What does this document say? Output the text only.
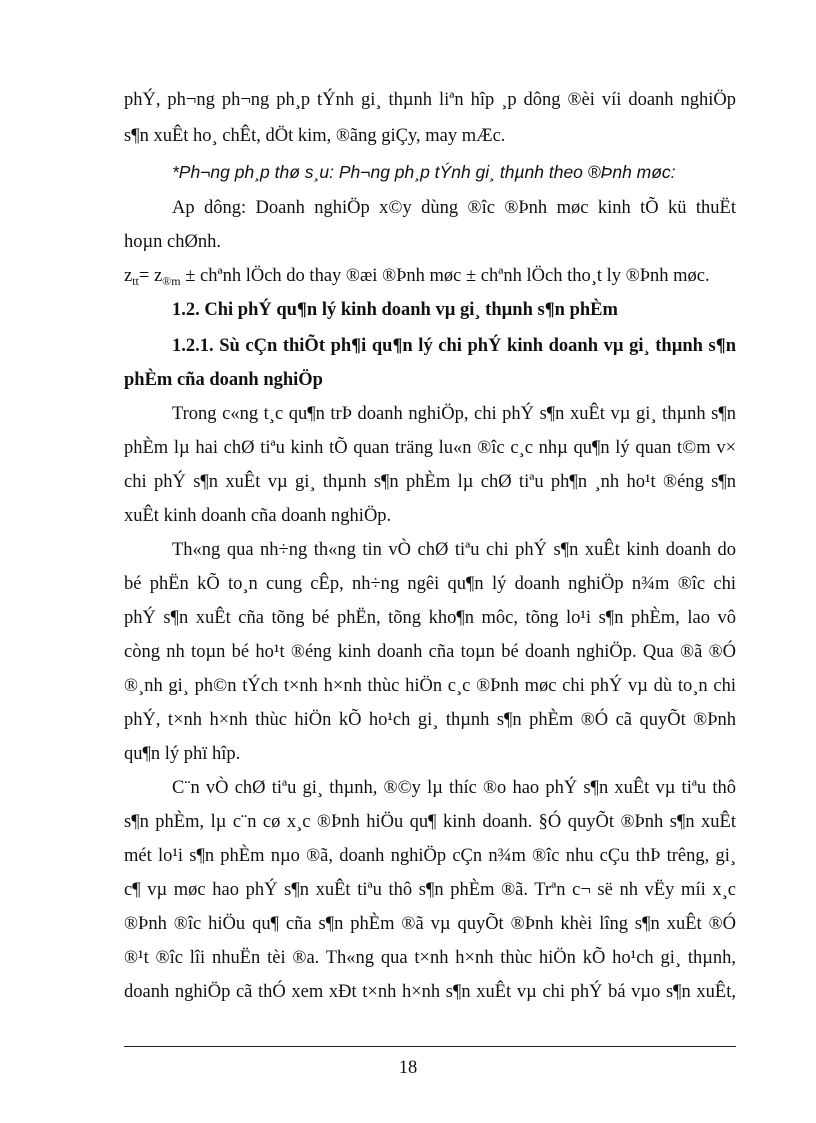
phÝ, ph¬ng ph¬ng ph¸p tÝnh gi¸ thµnh liªn hîp ¸p dông ®èi víi doanh nghiÖp
s¶n xuÊt ho¸ chÊt, dÖt kim, ®ãng giÇy, may mÆc.
*Ph¬ng ph¸p thø s¸u: Ph¬ng ph¸p tÝnh gi¸ thµnh theo ®Þnh møc:
Ap dông: Doanh nghiÖp x©y dùng ®îc ®Þnh møc kinh tÕ kü thuËt
hoµn chØnh.
$z_{tt}= z_{®m}$ ± chªnh lÖch do thay ®æi ®Þnh møc ± chªnh lÖch tho¸t ly ®Þnh møc.
1.2. Chi phÝ qu¶n lý kinh doanh vµ gi¸ thµnh s¶n phÈm
1.2.1. Sù cÇn thiÕt ph¶i qu¶n lý chi phÝ kinh doanh vµ gi¸ thµnh s¶n
phÈm cña doanh nghiÖp
Trong c«ng t¸c qu¶n trÞ doanh nghiÖp, chi phÝ s¶n xuÊt vµ gi¸ thµnh s¶n
phÈm lµ hai chØ tiªu kinh tÕ quan träng lu«n ®îc c¸c nhµ qu¶n lý quan t©m v×
chi phÝ s¶n xuÊt vµ gi¸ thµnh s¶n phÈm lµ chØ tiªu ph¶n ¸nh ho¹t ®éng s¶n
xuÊt kinh doanh cña doanh nghiÖp.
Th«ng qua nh÷ng th«ng tin vÒ chØ tiªu chi phÝ s¶n xuÊt kinh doanh do
bé phËn kÕ to¸n cung cÊp, nh÷ng ngêi qu¶n lý doanh nghiÖp n¾m ®îc chi
phÝ s¶n xuÊt cña tõng bé phËn, tõng kho¶n môc, tõng lo¹i s¶n phÈm, lao vô
còng nh toµn bé ho¹t ®éng kinh doanh cña toµn bé doanh nghiÖp. Qua ®ã ®Ó
®¸nh gi¸ ph©n tÝch t×nh h×nh thùc hiÖn c¸c ®Þnh møc chi phÝ vµ dù to¸n chi
phÝ, t×nh h×nh thùc hiÖn kÕ ho¹ch gi¸ thµnh s¶n phÈm ®Ó cã quyÕt ®Þnh
qu¶n lý phï hîp.
C¨n vÒ chØ tiªu gi¸ thµnh, ®©y lµ thíc ®o hao phÝ s¶n xuÊt vµ tiªu thô
s¶n phÈm, lµ c¨n cø x¸c ®Þnh hiÖu qu¶ kinh doanh. §Ó quyÕt ®Þnh s¶n xuÊt
mét lo¹i s¶n phÈm nµo ®ã, doanh nghiÖp cÇn n¾m ®îc nhu cÇu thÞ trêng, gi¸
c¶ vµ møc hao phÝ s¶n xuÊt tiªu thô s¶n phÈm ®ã. Trªn c¬ së nh vËy míi x¸c
®Þnh ®îc hiÖu qu¶ cña s¶n phÈm ®ã vµ quyÕt ®Þnh khèi lîng s¶n xuÊt ®Ó
®¹t ®îc lîi nhuËn tèi ®a. Th«ng qua t×nh h×nh thùc hiÖn kÕ ho¹ch gi¸ thµnh,
doanh nghiÖp cã thÓ xem xÐt t×nh h×nh s¶n xuÊt vµ chi phÝ bá vµo s¶n xuÊt,
18
